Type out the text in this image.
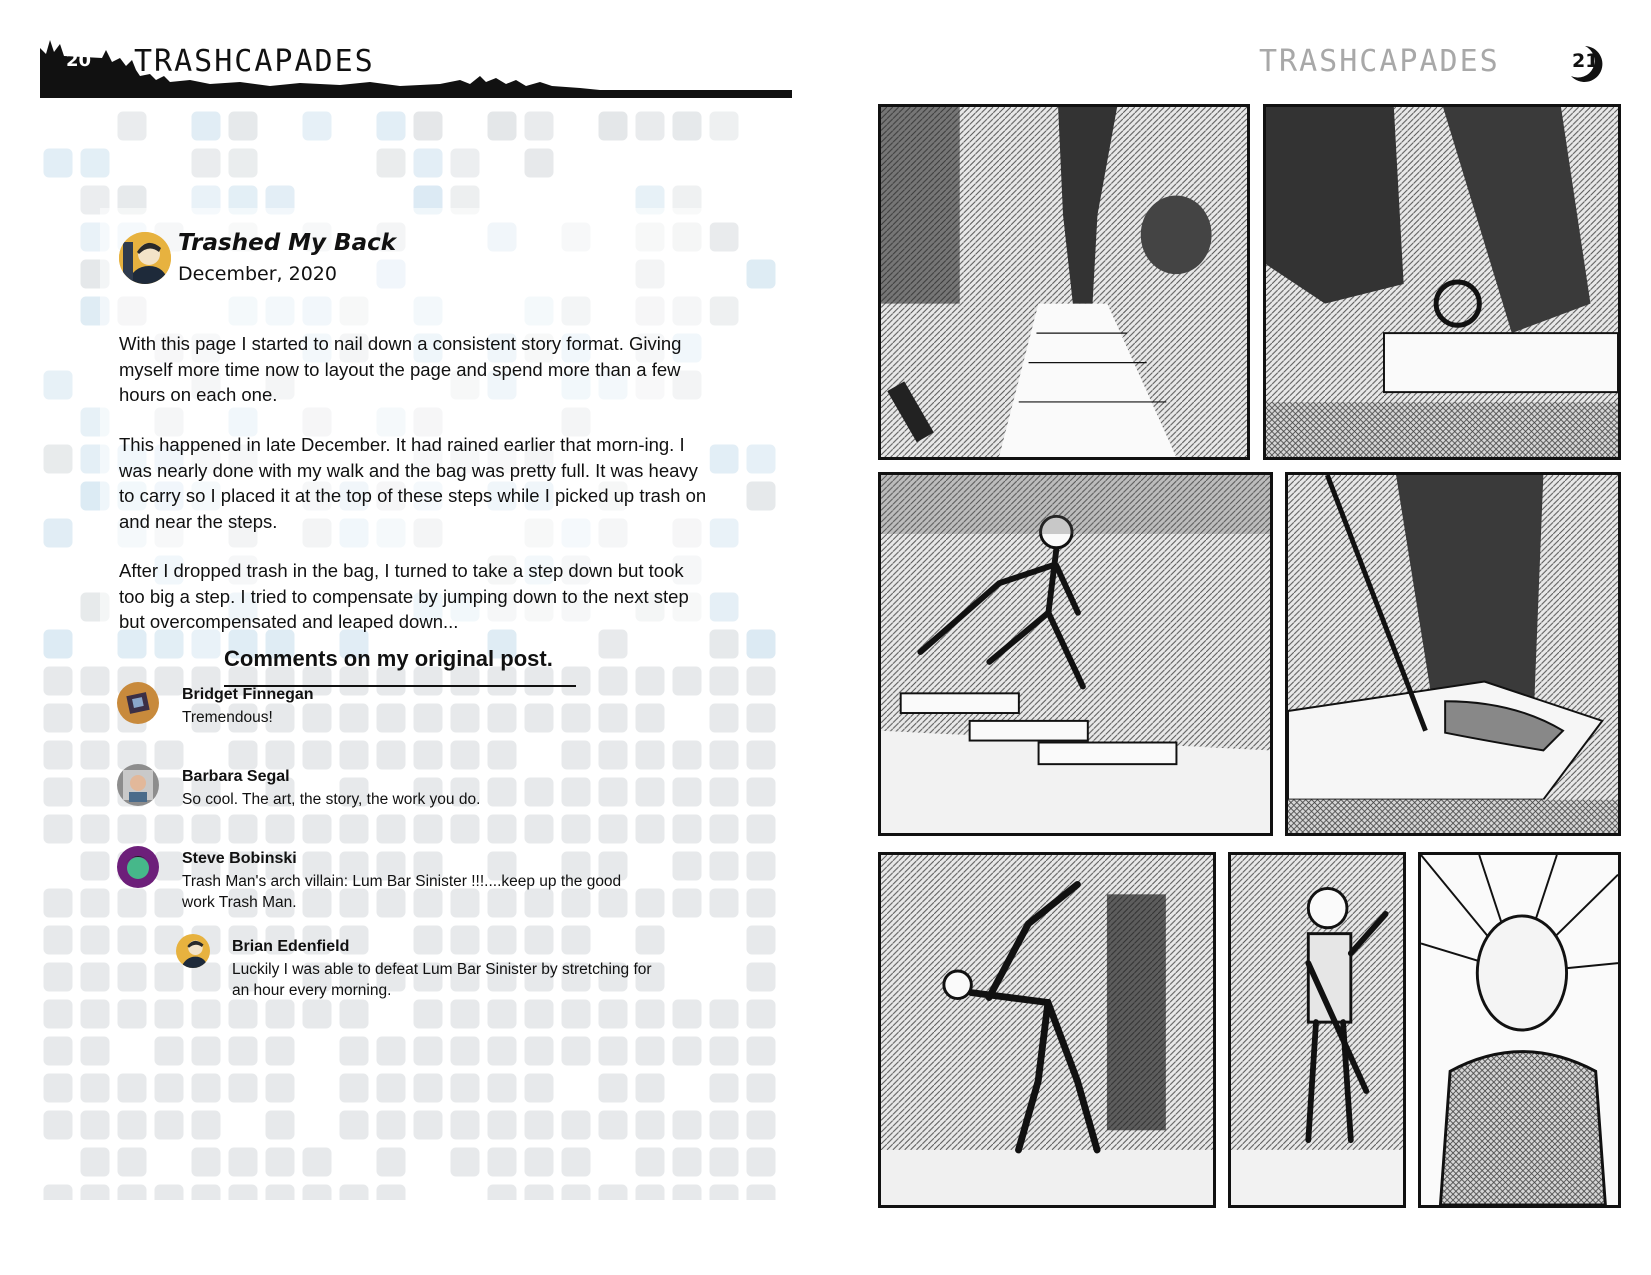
20 TRASHCAPADES
Trashed My Back
December, 2020

With this page I started to nail down a consistent story format. Giving myself more time now to layout the page and spend more than a few hours on each one.

This happened in late December. It had rained earlier that morn-ing. I was nearly done with my walk and the bag was pretty full. It was heavy to carry so I placed it at the top of these steps while I picked up trash on and near the steps.

After I dropped trash in the bag, I turned to take a step down but took too big a step. I tried to compensate by jumping down to the next step but overcompensated and leaped down...

Comments on my original post.
Bridget Finnegan
Tremendous!
Barbara Segal
So cool. The art, the story, the work you do.
Steve Bobinski
Trash Man's arch villain: Lum Bar Sinister !!!....keep up the good work Trash Man.
Brian Edenfield
Luckily I was able to defeat Lum Bar Sinister by stretching for an hour every morning.
TRASHCAPADES	21
